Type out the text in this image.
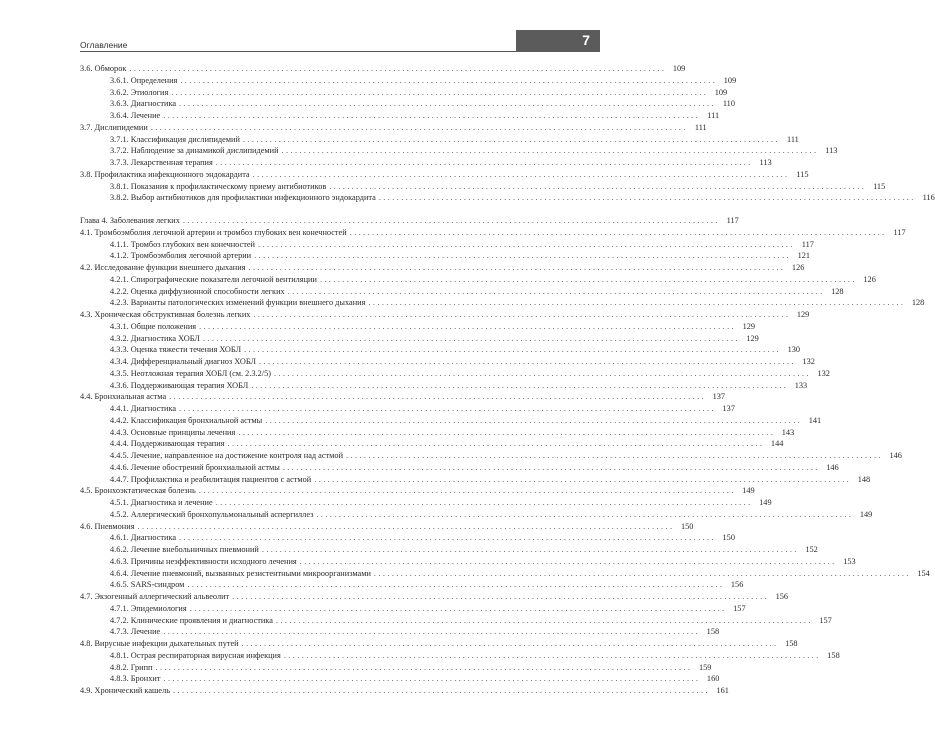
Оглавление	7
3.6. Обморок ........................................................................................................................ 109
3.6.1. Определения ........................................................................................................................ 109
3.6.2. Этиология ........................................................................................................................ 109
3.6.3. Диагностика ........................................................................................................................ 110
3.6.4. Лечение ........................................................................................................................ 111
3.7. Дислипидемии ........................................................................................................................ 111
3.7.1. Классификация дислипидемий ........................................................................................................................ 111
3.7.2. Наблюдение за динамикой дислипидемий ........................................................................................................................ 113
3.7.3. Лекарственная терапия ........................................................................................................................ 113
3.8. Профилактика инфекционного эндокардита ........................................................................................................................ 115
3.8.1. Показания к профилактическому приему антибиотиков ........................................................................................................................ 115
3.8.2. Выбор антибиотиков для профилактики инфекционного эндокардита ........................................................................................................................ 116
Глава 4. Заболевания легких ........................................................................................................................ 117
4.1. Тромбоэмболия легочной артерии и тромбоз глубоких вен конечностей ........................................................................................................................ 117
4.1.1. Тромбоз глубоких вен конечностей ........................................................................................................................ 117
4.1.2. Тромбоэмболия легочной артерии ........................................................................................................................ 121
4.2. Исследование функции внешнего дыхания ........................................................................................................................ 126
4.2.1. Спирографические показатели легочной вентиляции ........................................................................................................................ 126
4.2.2. Оценка диффузионной способности легких ........................................................................................................................ 128
4.2.3. Варианты патологических изменений функции внешнего дыхания ........................................................................................................................ 128
4.3. Хроническая обструктивная болезнь легких ........................................................................................................................ 129
4.3.1. Общие положения ........................................................................................................................ 129
4.3.2. Диагностика ХОБЛ ........................................................................................................................ 129
4.3.3. Оценка тяжести течения ХОБЛ ........................................................................................................................ 130
4.3.4. Дифференциальный диагноз ХОБЛ ........................................................................................................................ 132
4.3.5. Неотложная терапия ХОБЛ (см. 2.3.2/5) ........................................................................................................................ 132
4.3.6. Поддерживающая терапия ХОБЛ ........................................................................................................................ 133
4.4. Бронхиальная астма ........................................................................................................................ 137
4.4.1. Диагностика ........................................................................................................................ 137
4.4.2. Классификация бронхиальной астмы ........................................................................................................................ 141
4.4.3. Основные принципы лечения ........................................................................................................................ 143
4.4.4. Поддерживающая терапия ........................................................................................................................ 144
4.4.5. Лечение, направленное на достижение контроля над астмой ........................................................................................................................ 146
4.4.6. Лечение обострений бронхиальной астмы ........................................................................................................................ 146
4.4.7. Профилактика и реабилитация пациентов с астмой ........................................................................................................................ 148
4.5. Бронхоэктатическая болезнь ........................................................................................................................ 149
4.5.1. Диагностика и лечение ........................................................................................................................ 149
4.5.2. Аллергический бронхопульмональный аспергиллез ........................................................................................................................ 149
4.6. Пневмония ........................................................................................................................ 150
4.6.1. Диагностика ........................................................................................................................ 150
4.6.2. Лечение внебольничных пневмоний ........................................................................................................................ 152
4.6.3. Причины неэффективности исходного лечения ........................................................................................................................ 153
4.6.4. Лечение пневмоний, вызванных резистентными микроорганизмами ........................................................................................................................ 154
4.6.5. SARS-синдром ........................................................................................................................ 156
4.7. Экзогенный аллергический альвеолит ........................................................................................................................ 156
4.7.1. Эпидемиология ........................................................................................................................ 157
4.7.2. Клинические проявления и диагностика ........................................................................................................................ 157
4.7.3. Лечение ........................................................................................................................ 158
4.8. Вирусные инфекции дыхательных путей ........................................................................................................................ 158
4.8.1. Острая респираторная вирусная инфекция ........................................................................................................................ 158
4.8.2. Грипп ........................................................................................................................ 159
4.8.3. Бронхит ........................................................................................................................ 160
4.9. Хронический кашель ........................................................................................................................ 161
